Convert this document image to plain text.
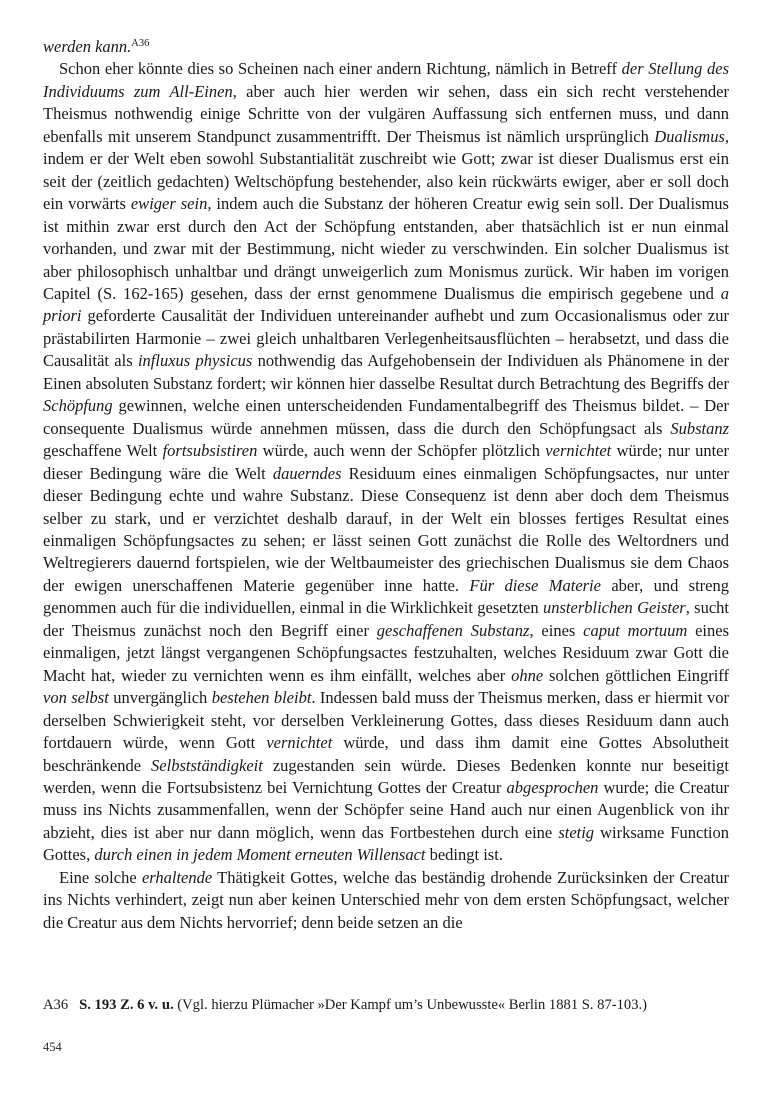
werden kann.$^{A36}$

Schon eher könnte dies so Scheinen nach einer andern Richtung, nämlich in Betreff der Stellung des Individuums zum All-Einen, aber auch hier werden wir sehen, dass ein sich recht verstehender Theismus nothwendig einige Schritte von der vulgären Auffassung sich entfernen muss, und dann ebenfalls mit unserem Standpunct zusammentrifft. Der Theismus ist nämlich ursprünglich Dualismus, indem er der Welt eben sowohl Substantialität zuschreibt wie Gott; zwar ist dieser Dualismus erst ein seit der (zeitlich gedachten) Weltschöpfung bestehender, also kein rückwärts ewiger, aber er soll doch ein vorwärts ewiger sein, indem auch die Substanz der höheren Creatur ewig sein soll. Der Dualismus ist mithin zwar erst durch den Act der Schöpfung entstanden, aber thatsächlich ist er nun einmal vorhanden, und zwar mit der Bestimmung, nicht wieder zu verschwinden. Ein solcher Dualismus ist aber philosophisch unhaltbar und drängt unweigerlich zum Monismus zurück. Wir haben im vorigen Capitel (S. 162-165) gesehen, dass der ernst genommene Dualismus die empirisch gegebene und a priori geforderte Causalität der Individuen untereinander aufhebt und zum Occasionalismus oder zur prästabilirten Harmonie – zwei gleich unhaltbaren Verlegenheitsausflüchten – herabsetzt, und dass die Causalität als influxus physicus nothwendig das Aufgehobensein der Individuen als Phänomene in der Einen absoluten Substanz fordert; wir können hier dasselbe Resultat durch Betrachtung des Begriffs der Schöpfung gewinnen, welche einen unterscheidenden Fundamentalbegriff des Theismus bildet. – Der consequente Dualismus würde annehmen müssen, dass die durch den Schöpfungsact als Substanz geschaffene Welt fortsubsistiren würde, auch wenn der Schöpfer plötzlich vernichtet würde; nur unter dieser Bedingung wäre die Welt dauerndes Residuum eines einmaligen Schöpfungsactes, nur unter dieser Bedingung echte und wahre Substanz. Diese Consequenz ist denn aber doch dem Theismus selber zu stark, und er verzichtet deshalb darauf, in der Welt ein blosses fertiges Resultat eines einmaligen Schöpfungsactes zu sehen; er lässt seinen Gott zunächst die Rolle des Weltordners und Weltregierers dauernd fortspielen, wie der Weltbaumeister des griechischen Dualismus sie dem Chaos der ewigen unerschaffenen Materie gegenüber inne hatte. Für diese Materie aber, und streng genommen auch für die individuellen, einmal in die Wirklichkeit gesetzten unsterblichen Geister, sucht der Theismus zunächst noch den Begriff einer geschaffenen Substanz, eines caput mortuum eines einmaligen, jetzt längst vergangenen Schöpfungsactes festzuhalten, welches Residuum zwar Gott die Macht hat, wieder zu vernichten wenn es ihm einfällt, welches aber ohne solchen göttlichen Eingriff von selbst unvergänglich bestehen bleibt. Indessen bald muss der Theismus merken, dass er hiermit vor derselben Schwierigkeit steht, vor derselben Verkleinerung Gottes, dass dieses Residuum dann auch fortdauern würde, wenn Gott vernichtet würde, und dass ihm damit eine Gottes Absolutheit beschränkende Selbstständigkeit zugestanden sein würde. Dieses Bedenken konnte nur beseitigt werden, wenn die Fortsubsistenz bei Vernichtung Gottes der Creatur abgesprochen wurde; die Creatur muss ins Nichts zusammenfallen, wenn der Schöpfer seine Hand auch nur einen Augenblick von ihr abzieht, dies ist aber nur dann möglich, wenn das Fortbestehen durch eine stetig wirksame Function Gottes, durch einen in jedem Moment erneuten Willensact bedingt ist.

Eine solche erhaltende Thätigkeit Gottes, welche das beständig drohende Zurücksinken der Creatur ins Nichts verhindert, zeigt nun aber keinen Unterschied mehr von dem ersten Schöpfungsact, welcher die Creatur aus dem Nichts hervorrief; denn beide setzen an die

A36 S. 193 Z. 6 v. u. (Vgl. hierzu Plümacher »Der Kampf um’s Unbewusste« Berlin 1881 S. 87-103.)
454
